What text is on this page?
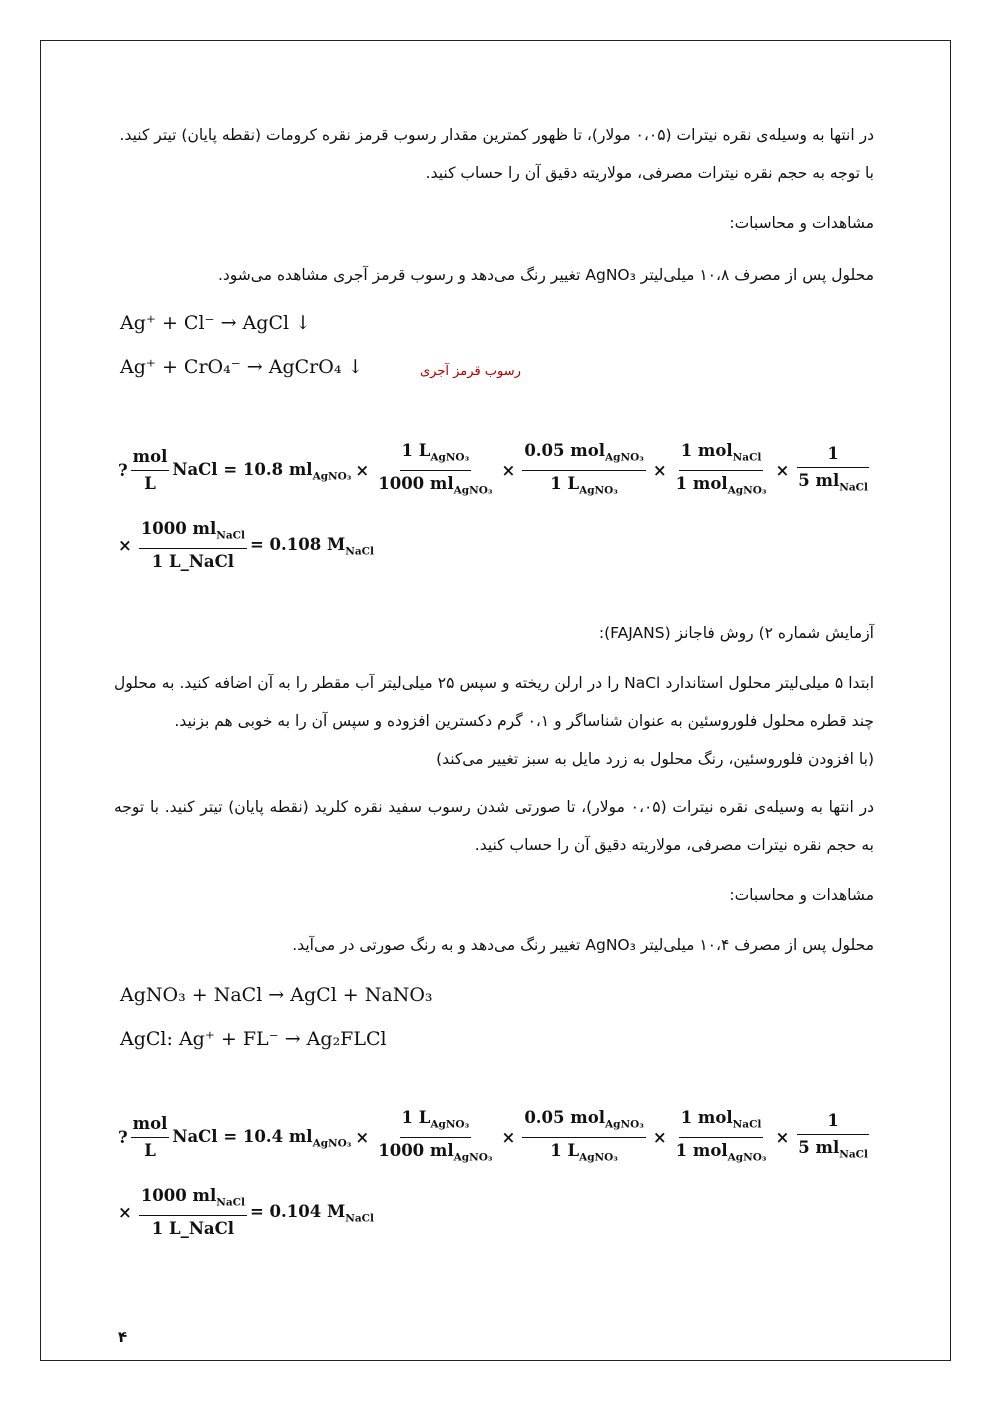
در انتها به وسیله‌ی نقره نیترات (۰،۰۵ مولار)، تا ظهور کمترین مقدار رسوب قرمز نقره کرومات (نقطه پایان) تیتر کنید.
با توجه به حجم نقره نیترات مصرفی، مولاریته دقیق آن را حساب کنید.
مشاهدات و محاسبات:
محلول پس از مصرف ۱۰،۸ میلی‌لیتر AgNO₃ تغییر رنگ می‌دهد و رسوب قرمز آجری مشاهده می‌شود.
Ag⁺ + Cl⁻ → AgCl ↓
Ag⁺ + CrO₄⁻ → AgCrO₄ ↓	رسوب قرمز آجری
? $\frac{\text{mol}}{L}$ NaCl = 10.8 $ml_{AgNO_3} \times \frac{1 L_{AgNO_3}}{1000 ml_{AgNO_3}} \times \frac{0.05 mol_{AgNO_3}}{1 L_{AgNO_3}} \times \frac{1 mol_{NaCl}}{1 mol_{AgNO_3}} \times \frac{1}{5 ml_{NaCl}}$
× $\frac{1000 ml_{NaCl}}{\text{1 L\_NaCl}} = 0.108$ $M_{NaCl}$
آزمایش شماره ۲) روش فاجانز (FAJANS):
ابتدا ۵ میلی‌لیتر محلول استاندارد NaCl را در ارلن ریخته و سپس ۲۵ میلی‌لیتر آب مقطر را به آن اضافه کنید. به محلول چند قطره محلول فلوروسئین به عنوان شناساگر و ۰،۱ گرم دکسترین افزوده و سپس آن را به خوبی هم بزنید.
(با افزودن فلوروسئین، رنگ محلول به زرد مایل به سبز تغییر می‌کند)
در انتها به وسیله‌ی نقره نیترات (۰،۰۵ مولار)، تا صورتی شدن رسوب سفید نقره کلرید (نقطه پایان) تیتر کنید. با توجه به حجم نقره نیترات مصرفی، مولاریته دقیق آن را حساب کنید.
مشاهدات و محاسبات:
محلول پس از مصرف ۱۰،۴ میلی‌لیتر AgNO₃ تغییر رنگ می‌دهد و به رنگ صورتی در می‌آید.
AgNO₃ + NaCl → AgCl + NaNO₃
AgCl: Ag⁺ + FL⁻ → Ag₂FLCl
? $\frac{\text{mol}}{L}$ NaCl = 10.4 $ml_{AgNO_3} \times \frac{1 L_{AgNO_3}}{1000 ml_{AgNO_3}} \times \frac{0.05 mol_{AgNO_3}}{1 L_{AgNO_3}} \times \frac{1 mol_{NaCl}}{1 mol_{AgNO_3}} \times \frac{1}{5 ml_{NaCl}}$
× $\frac{1000 ml_{NaCl}}{\text{1 L\_NaCl}} = 0.104$ $M_{NaCl}$
۴
